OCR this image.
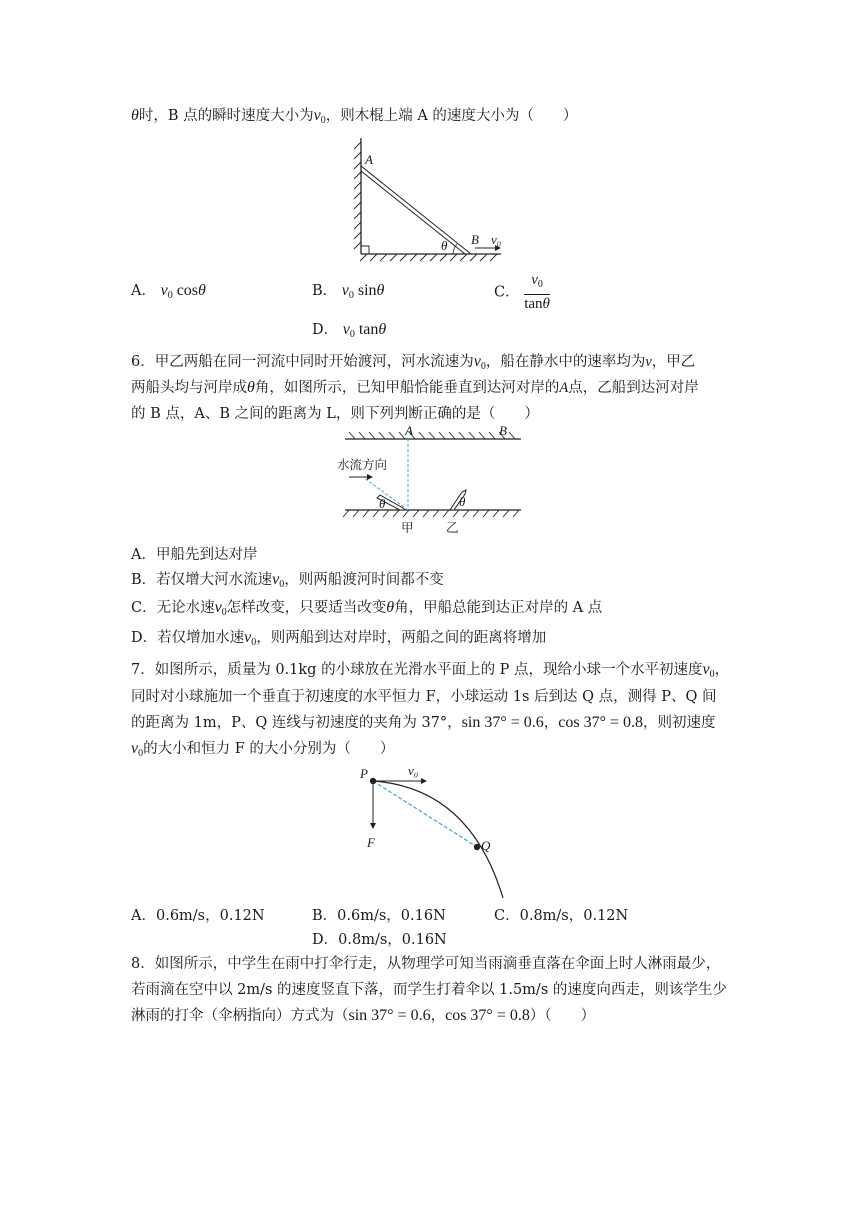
θ时，B 点的瞬时速度大小为$v_0$，则木棍上端 A 的速度大小为（　　）
A
θ B v₀
A． $v_0$ cosθ	B． $v_0$ sinθ	C． $\frac{v_0}{\tan\theta}$
D． $v_0$ tanθ
6．甲乙两船在同一河流中同时开始渡河，河水流速为$v_0$，船在静水中的速率均为v，甲乙
两船头均与河岸成θ角，如图所示，已知甲船恰能垂直到达河对岸的A点，乙船到达河对岸
的 B 点，A、B 之间的距离为 L，则下列判断正确的是（　　）
A	B
水流方向
θ	θ
甲	乙
A．甲船先到达对岸
B．若仅增大河水流速$v_0$，则两船渡河时间都不变
C．无论水速$v_0$怎样改变，只要适当改变θ角，甲船总能到达正对岸的 A 点
D．若仅增加水速$v_0$，则两船到达对岸时，两船之间的距离将增加
7．如图所示，质量为 0.1kg 的小球放在光滑水平面上的 P 点，现给小球一个水平初速度$v_0$，
同时对小球施加一个垂直于初速度的水平恒力 F，小球运动 1s 后到达 Q 点，测得 P、Q 间
的距离为 1m，P、Q 连线与初速度的夹角为 37°，sin 37° = 0.6，cos 37° = 0.8，则初速度
$v_0$的大小和恒力 F 的大小分别为（　　）
P
Q
F
v₀
A．0.6m/s，0.12N	B．0.6m/s，0.16N	C．0.8m/s，0.12N
D．0.8m/s，0.16N
8．如图所示，中学生在雨中打伞行走，从物理学可知当雨滴垂直落在伞面上时人淋雨最少，
若雨滴在空中以 2m/s 的速度竖直下落，而学生打着伞以 1.5m/s 的速度向西走，则该学生少
淋雨的打伞（伞柄指向）方式为（sin 37° = 0.6，cos 37° = 0.8）（　　）
